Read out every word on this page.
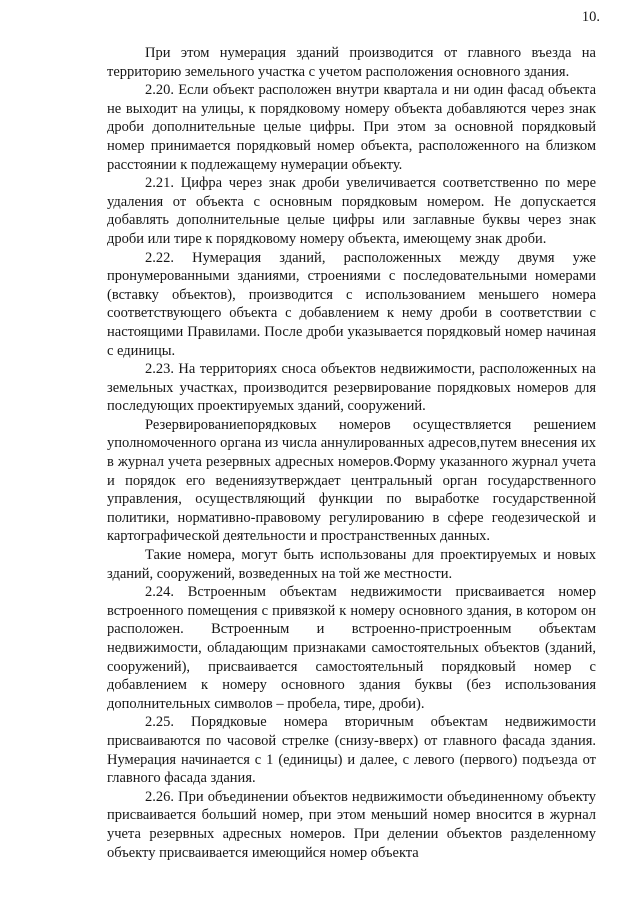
10.

При этом нумерация зданий производится от главного въезда на территорию земельного участка с учетом расположения основного здания.

2.20. Если объект расположен внутри квартала и ни один фасад объекта не выходит на улицы, к порядковому номеру объекта добавляются через знак дроби дополнительные целые цифры. При этом за основной порядковый номер принимается порядковый номер объекта, расположенного на близком расстоянии к подлежащему нумерации объекту.

2.21. Цифра через знак дроби увеличивается соответственно по мере удаления от объекта с основным порядковым номером. Не допускается добавлять дополнительные целые цифры или заглавные буквы через знак дроби или тире к порядковому номеру объекта, имеющему знак дроби.

2.22. Нумерация зданий, расположенных между двумя уже пронумерованными зданиями, строениями с последовательными номерами (вставку объектов), производится с использованием меньшего номера соответствующего объекта с добавлением к нему дроби в соответствии с настоящими Правилами. После дроби указывается порядковый номер начиная с единицы.

2.23. На территориях сноса объектов недвижимости, расположенных на земельных участках, производится резервирование порядковых номеров для последующих проектируемых зданий, сооружений.

Резервированиепорядковых номеров осуществляется решением уполномоченного органа из числа аннулированных адресов,путем внесения их в журнал учета резервных адресных номеров.Форму указанного журнал учета и порядок его ведениязутверждает центральный орган государственного управления, осуществляющий функции по выработке государственной политики, нормативно-правовому регулированию в сфере геодезической и картографической деятельности и пространственных данных.

Такие номера, могут быть использованы для проектируемых и новых зданий, сооружений, возведенных на той же местности.

2.24. Встроенным объектам недвижимости присваивается номер встроенного помещения с привязкой к номеру основного здания, в котором он расположен. Встроенным и встроенно-пристроенным объектам недвижимости, обладающим признаками самостоятельных объектов (зданий, сооружений), присваивается самостоятельный порядковый номер с добавлением к номеру основного здания буквы (без использования дополнительных символов – пробела, тире, дроби).

2.25. Порядковые номера вторичным объектам недвижимости присваиваются по часовой стрелке (снизу-вверх) от главного фасада здания. Нумерация начинается с 1 (единицы) и далее, с левого (первого) подъезда от главного фасада здания.

2.26. При объединении объектов недвижимости объединенному объекту присваивается больший номер, при этом меньший номер вносится в журнал учета резервных адресных номеров. При делении объектов разделенному объекту присваивается имеющийся номер объекта
